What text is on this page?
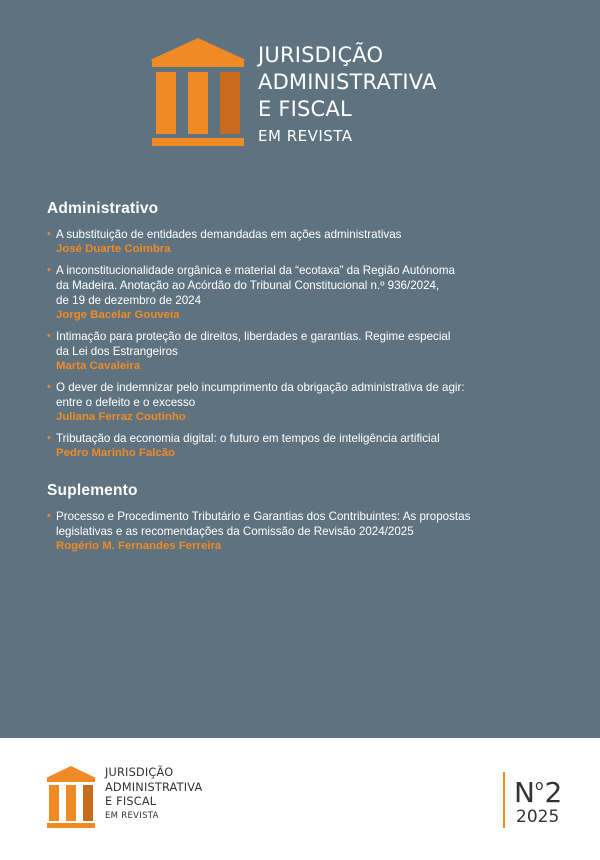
JURISDIÇÃO
ADMINISTRATIVA
E FISCAL
EM REVISTA
Administrativo
• A substituição de entidades demandadas em ações administrativas
José Duarte Coimbra
• A inconstitucionalidade orgânica e material da “ecotaxa” da Região Autónoma
da Madeira. Anotação ao Acórdão do Tribunal Constitucional n.º 936/2024,
de 19 de dezembro de 2024
Jorge Bacelar Gouveia
• Intimação para proteção de direitos, liberdades e garantias. Regime especial
da Lei dos Estrangeiros
Marta Cavaleira
• O dever de indemnizar pelo incumprimento da obrigação administrativa de agir:
entre o defeito e o excesso
Juliana Ferraz Coutinho
• Tributação da economia digital: o futuro em tempos de inteligência artificial
Pedro Marinho Falcão
Suplemento
• Processo e Procedimento Tributário e Garantias dos Contribuintes: As propostas
legislativas e as recomendações da Comissão de Revisão 2024/2025
Rogério M. Fernandes Ferreira
JURISDIÇÃO
ADMINISTRATIVA
E FISCAL
EM REVISTA
$N^o2$
2025
